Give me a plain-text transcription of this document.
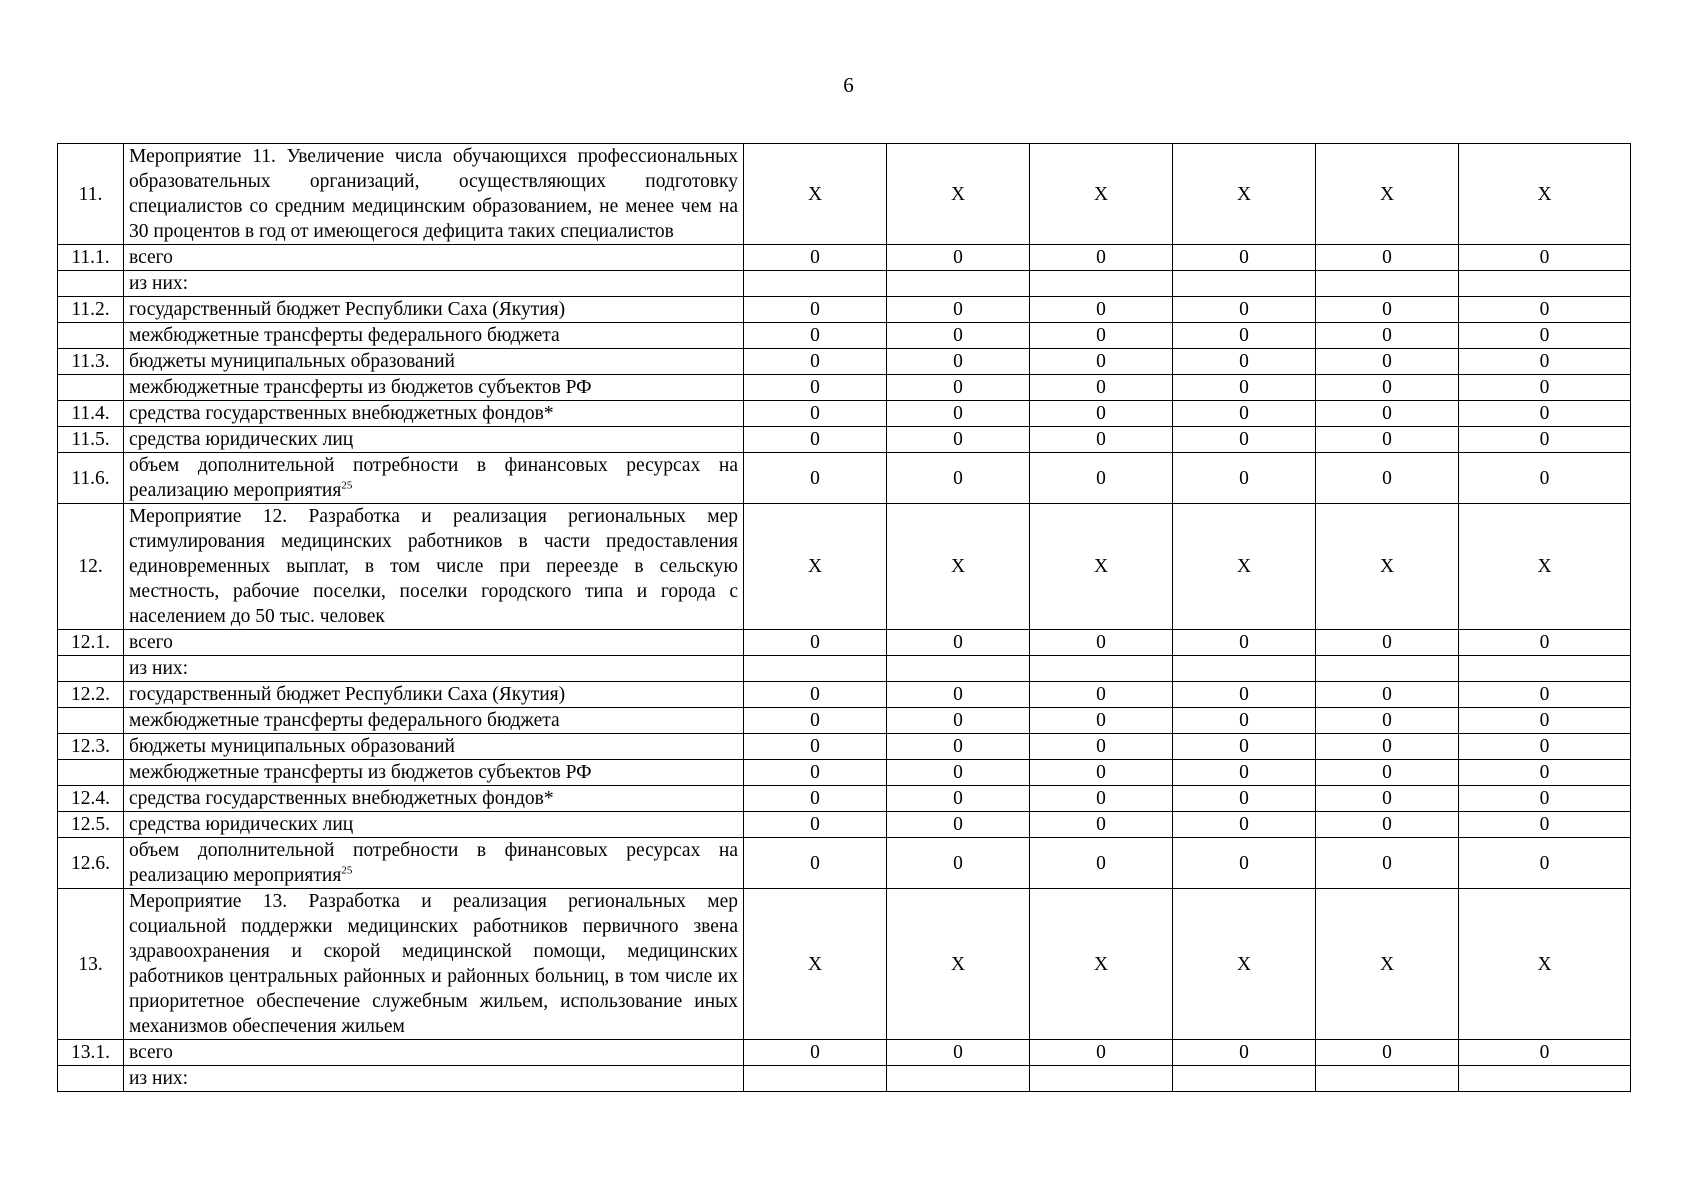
6
11.	Мероприятие 11. Увеличение числа обучающихся профессиональных образовательных организаций, осуществляющих подготовку специалистов со средним медицинским образованием, не менее чем на 30 процентов в год от имеющегося дефицита таких специалистов	X	X	X	X	X	X
11.1.	всего	0	0	0	0	0	0
	из них:						
11.2.	государственный бюджет Республики Саха (Якутия)	0	0	0	0	0	0
	межбюджетные трансферты федерального бюджета	0	0	0	0	0	0
11.3.	бюджеты муниципальных образований	0	0	0	0	0	0
	межбюджетные трансферты из бюджетов субъектов РФ	0	0	0	0	0	0
11.4.	средства государственных внебюджетных фондов*	0	0	0	0	0	0
11.5.	средства юридических лиц	0	0	0	0	0	0
11.6.	объем дополнительной потребности в финансовых ресурсах на реализацию мероприятия$^{25}$	0	0	0	0	0	0
12.	Мероприятие 12. Разработка и реализация региональных мер стимулирования медицинских работников в части предоставления единовременных выплат, в том числе при переезде в сельскую местность, рабочие поселки, поселки городского типа и города с населением до 50 тыс. человек	X	X	X	X	X	X
12.1.	всего	0	0	0	0	0	0
	из них:						
12.2.	государственный бюджет Республики Саха (Якутия)	0	0	0	0	0	0
	межбюджетные трансферты федерального бюджета	0	0	0	0	0	0
12.3.	бюджеты муниципальных образований	0	0	0	0	0	0
	межбюджетные трансферты из бюджетов субъектов РФ	0	0	0	0	0	0
12.4.	средства государственных внебюджетных фондов*	0	0	0	0	0	0
12.5.	средства юридических лиц	0	0	0	0	0	0
12.6.	объем дополнительной потребности в финансовых ресурсах на реализацию мероприятия$^{25}$	0	0	0	0	0	0
13.	Мероприятие 13. Разработка и реализация региональных мер социальной поддержки медицинских работников первичного звена здравоохранения и скорой медицинской помощи, медицинских работников центральных районных и районных больниц, в том числе их приоритетное обеспечение служебным жильем, использование иных механизмов обеспечения жильем	X	X	X	X	X	X
13.1.	всего	0	0	0	0	0	0
	из них:						
